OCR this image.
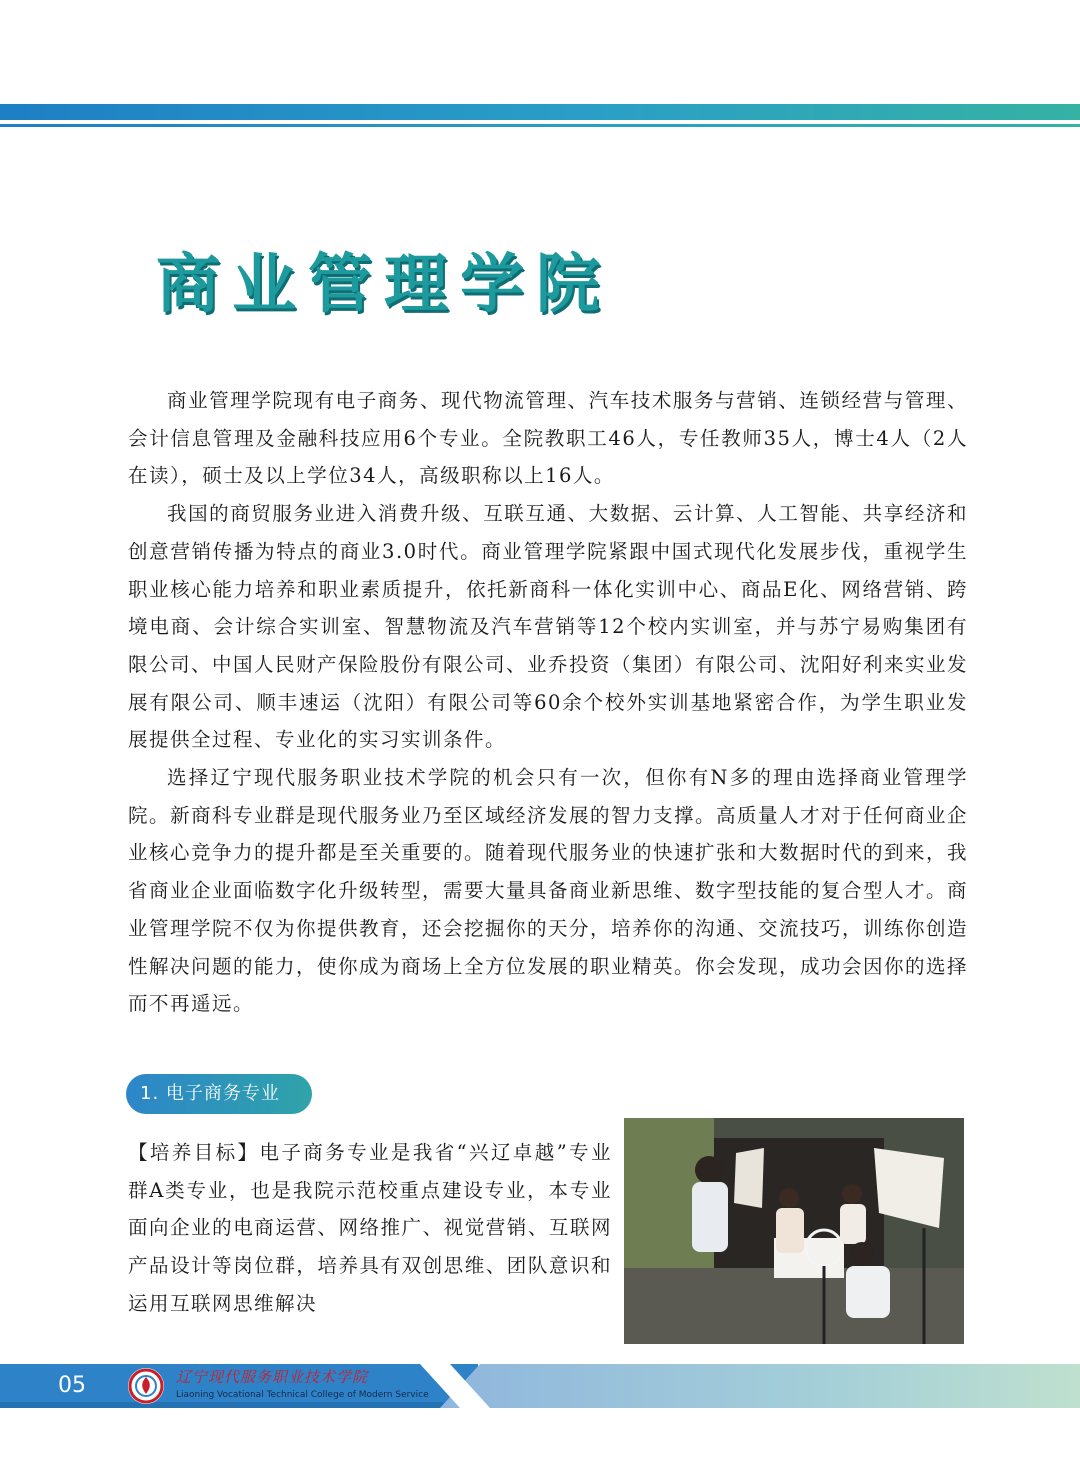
商业管理学院

商业管理学院现有电子商务、现代物流管理、汽车技术服务与营销、连锁经营与管理、会计信息管理及金融科技应用6个专业。全院教职工46人，专任教师35人，博士4人（2人在读），硕士及以上学位34人，高级职称以上16人。

我国的商贸服务业进入消费升级、互联互通、大数据、云计算、人工智能、共享经济和创意营销传播为特点的商业3.0时代。商业管理学院紧跟中国式现代化发展步伐，重视学生职业核心能力培养和职业素质提升，依托新商科一体化实训中心、商品E化、网络营销、跨境电商、会计综合实训室、智慧物流及汽车营销等12个校内实训室，并与苏宁易购集团有限公司、中国人民财产保险股份有限公司、业乔投资（集团）有限公司、沈阳好利来实业发展有限公司、顺丰速运（沈阳）有限公司等60余个校外实训基地紧密合作，为学生职业发展提供全过程、专业化的实习实训条件。

选择辽宁现代服务职业技术学院的机会只有一次，但你有N多的理由选择商业管理学院。新商科专业群是现代服务业乃至区域经济发展的智力支撑。高质量人才对于任何商业企业核心竞争力的提升都是至关重要的。随着现代服务业的快速扩张和大数据时代的到来，我省商业企业面临数字化升级转型，需要大量具备商业新思维、数字型技能的复合型人才。商业管理学院不仅为你提供教育，还会挖掘你的天分，培养你的沟通、交流技巧，训练你创造性解决问题的能力，使你成为商场上全方位发展的职业精英。你会发现，成功会因你的选择而不再遥远。

1. 电子商务专业

【培养目标】电子商务专业是我省“兴辽卓越”专业群A类专业，也是我院示范校重点建设专业，本专业面向企业的电商运营、网络推广、视觉营销、互联网产品设计等岗位群，培养具有双创思维、团队意识和运用互联网思维解决

05	辽宁现代服务职业技术学院
Liaoning Vocational Technical College of Modern Service
